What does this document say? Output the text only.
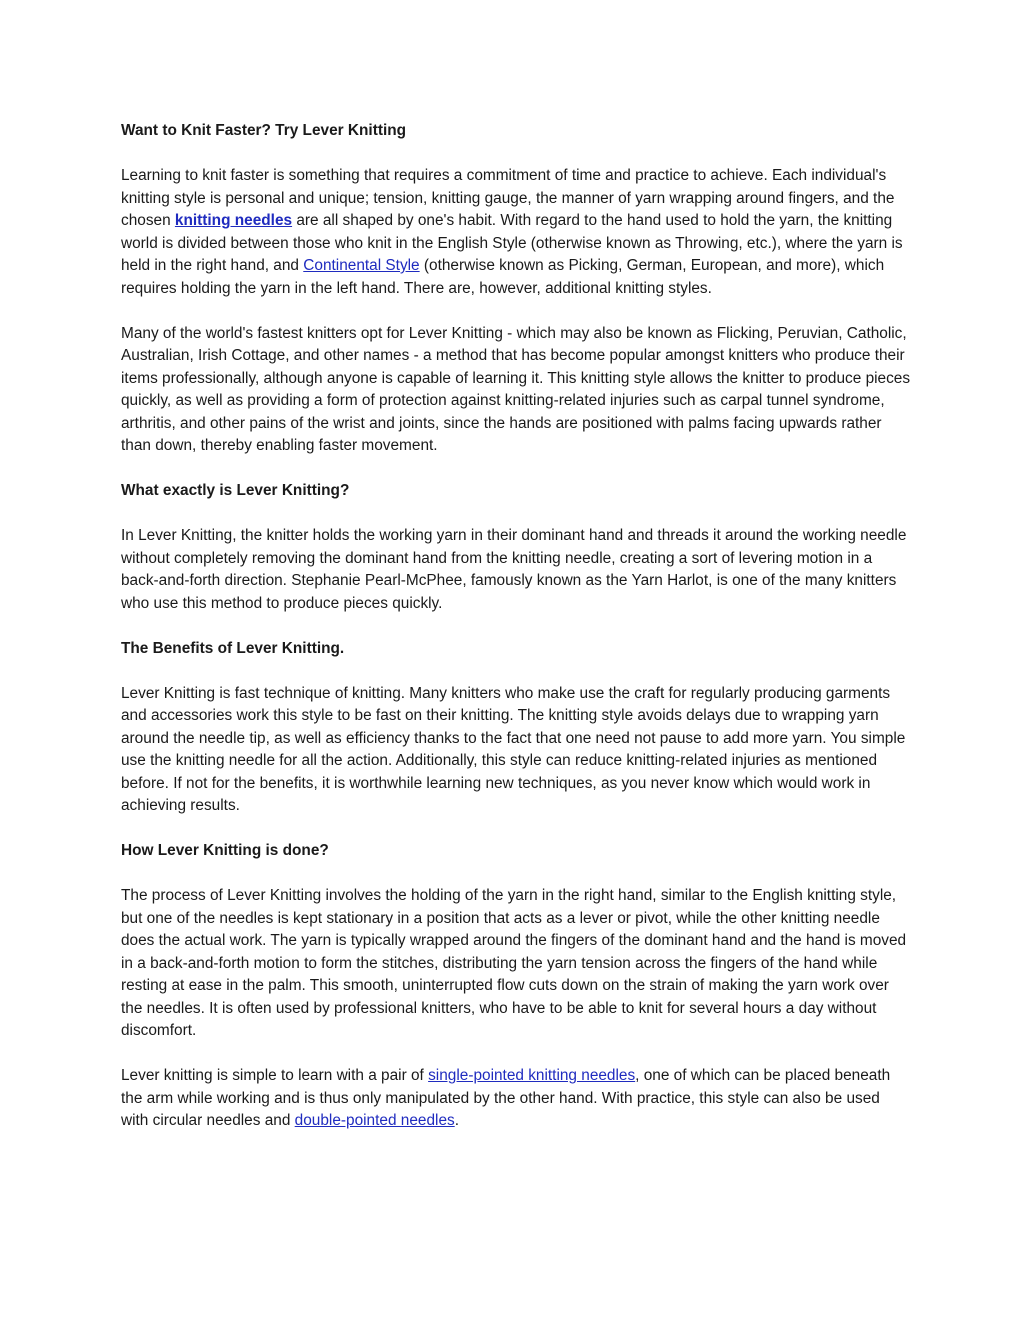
Want to Knit Faster? Try Lever Knitting

Learning to knit faster is something that requires a commitment of time and practice to achieve. Each individual's knitting style is personal and unique; tension, knitting gauge, the manner of yarn wrapping around fingers, and the chosen knitting needles are all shaped by one's habit. With regard to the hand used to hold the yarn, the knitting world is divided between those who knit in the English Style (otherwise known as Throwing, etc.), where the yarn is held in the right hand, and Continental Style (otherwise known as Picking, German, European, and more), which requires holding the yarn in the left hand. There are, however, additional knitting styles.

Many of the world's fastest knitters opt for Lever Knitting - which may also be known as Flicking, Peruvian, Catholic, Australian, Irish Cottage, and other names - a method that has become popular amongst knitters who produce their items professionally, although anyone is capable of learning it. This knitting style allows the knitter to produce pieces quickly, as well as providing a form of protection against knitting-related injuries such as carpal tunnel syndrome, arthritis, and other pains of the wrist and joints, since the hands are positioned with palms facing upwards rather than down, thereby enabling faster movement.

What exactly is Lever Knitting?

In Lever Knitting, the knitter holds the working yarn in their dominant hand and threads it around the working needle without completely removing the dominant hand from the knitting needle, creating a sort of levering motion in a back-and-forth direction. Stephanie Pearl-McPhee, famously known as the Yarn Harlot, is one of the many knitters who use this method to produce pieces quickly.

The Benefits of Lever Knitting.

Lever Knitting is fast technique of knitting. Many knitters who make use the craft for regularly producing garments and accessories work this style to be fast on their knitting. The knitting style avoids delays due to wrapping yarn around the needle tip, as well as efficiency thanks to the fact that one need not pause to add more yarn. You simple use the knitting needle for all the action. Additionally, this style can reduce knitting-related injuries as mentioned before. If not for the benefits, it is worthwhile learning new techniques, as you never know which would work in achieving results.

How Lever Knitting is done?

The process of Lever Knitting involves the holding of the yarn in the right hand, similar to the English knitting style, but one of the needles is kept stationary in a position that acts as a lever or pivot, while the other knitting needle does the actual work. The yarn is typically wrapped around the fingers of the dominant hand and the hand is moved in a back-and-forth motion to form the stitches, distributing the yarn tension across the fingers of the hand while resting at ease in the palm. This smooth, uninterrupted flow cuts down on the strain of making the yarn work over the needles. It is often used by professional knitters, who have to be able to knit for several hours a day without discomfort.

Lever knitting is simple to learn with a pair of single-pointed knitting needles, one of which can be placed beneath the arm while working and is thus only manipulated by the other hand. With practice, this style can also be used with circular needles and double-pointed needles.
